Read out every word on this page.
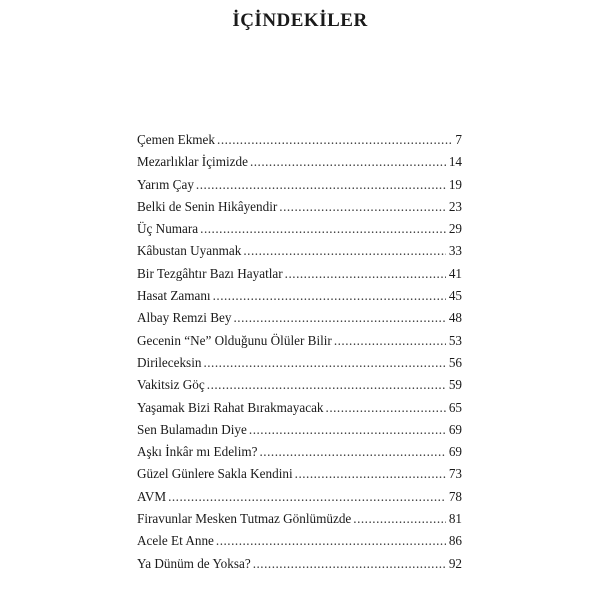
İÇİNDEKİLER
Çemen Ekmek .....	7
Mezarlıklar İçimizde .....	14
Yarım Çay .....	19
Belki de Senin Hikâyendir .....	23
Üç Numara .....	29
Kâbustan Uyanmak .....	33
Bir Tezgâhtır Bazı Hayatlar .....	41
Hasat Zamanı .....	45
Albay Remzi Bey .....	48
Gecenin “Ne” Olduğunu Ölüler Bilir .....	53
Dirileceksin .....	56
Vakitsiz Göç .....	59
Yaşamak Bizi Rahat Bırakmayacak .....	65
Sen Bulamadın Diye .....	69
Aşkı İnkâr mı Edelim? .....	69
Güzel Günlere Sakla Kendini .....	73
AVM .....	78
Firavunlar Mesken Tutmaz Gönlümüzde .....	81
Acele Et Anne .....	86
Ya Dünüm de Yoksa? .....	92
